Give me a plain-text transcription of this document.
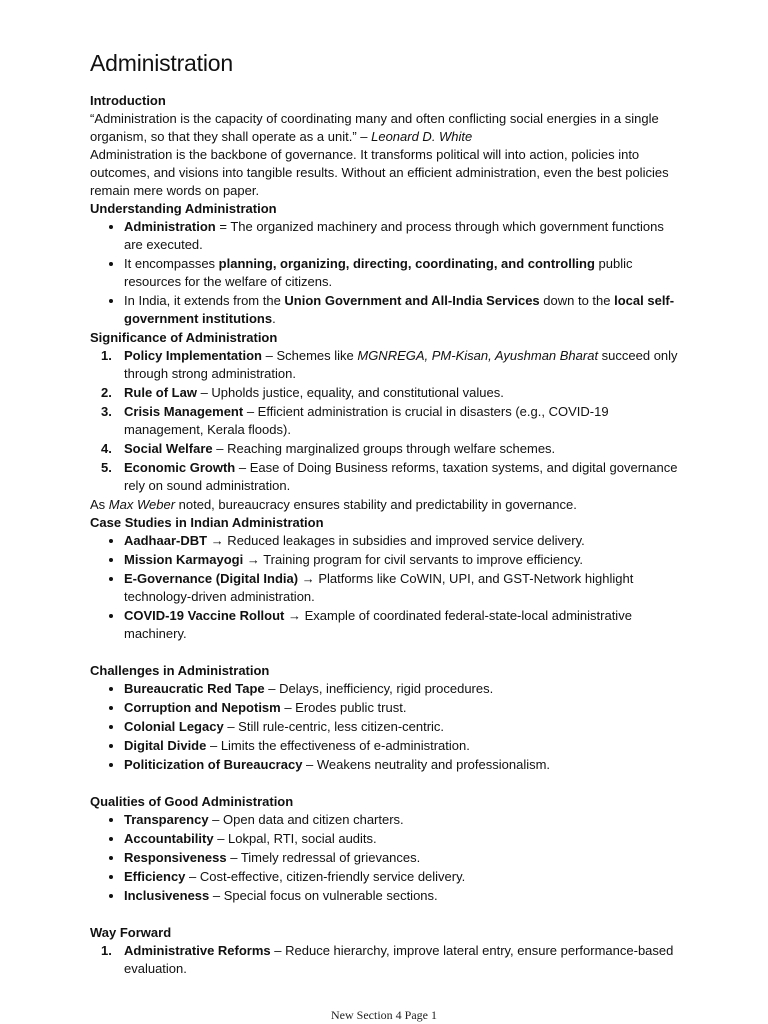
Administration
Introduction

“Administration is the capacity of coordinating many and often conflicting social energies in a single organism, so that they shall operate as a unit.” – Leonard D. White

Administration is the backbone of governance. It transforms political will into action, policies into outcomes, and visions into tangible results. Without an efficient administration, even the best policies remain mere words on paper.

Understanding Administration
• Administration = The organized machinery and process through which government functions are executed.
• It encompasses planning, organizing, directing, coordinating, and controlling public resources for the welfare of citizens.
• In India, it extends from the Union Government and All-India Services down to the local self-government institutions.
Significance of Administration
Policy Implementation – Schemes like MGNREGA, PM-Kisan, Ayushman Bharat succeed only through strong administration.
Rule of Law – Upholds justice, equality, and constitutional values.
Crisis Management – Efficient administration is crucial in disasters (e.g., COVID-19 management, Kerala floods).
Social Welfare – Reaching marginalized groups through welfare schemes.
Economic Growth – Ease of Doing Business reforms, taxation systems, and digital governance rely on sound administration.

As Max Weber noted, bureaucracy ensures stability and predictability in governance.

Case Studies in Indian Administration
• Aadhaar-DBT → Reduced leakages in subsidies and improved service delivery.
• Mission Karmayogi → Training program for civil servants to improve efficiency.
• E-Governance (Digital India) → Platforms like CoWIN, UPI, and GST-Network highlight technology-driven administration.
• COVID-19 Vaccine Rollout → Example of coordinated federal-state-local administrative machinery.
Challenges in Administration
• Bureaucratic Red Tape – Delays, inefficiency, rigid procedures.
• Corruption and Nepotism – Erodes public trust.
• Colonial Legacy – Still rule-centric, less citizen-centric.
• Digital Divide – Limits the effectiveness of e-administration.
• Politicization of Bureaucracy – Weakens neutrality and professionalism.
Qualities of Good Administration
• Transparency – Open data and citizen charters.
• Accountability – Lokpal, RTI, social audits.
• Responsiveness – Timely redressal of grievances.
• Efficiency – Cost-effective, citizen-friendly service delivery.
• Inclusiveness – Special focus on vulnerable sections.
Way Forward
Administrative Reforms – Reduce hierarchy, improve lateral entry, ensure performance-based evaluation.
New Section 4 Page 1
